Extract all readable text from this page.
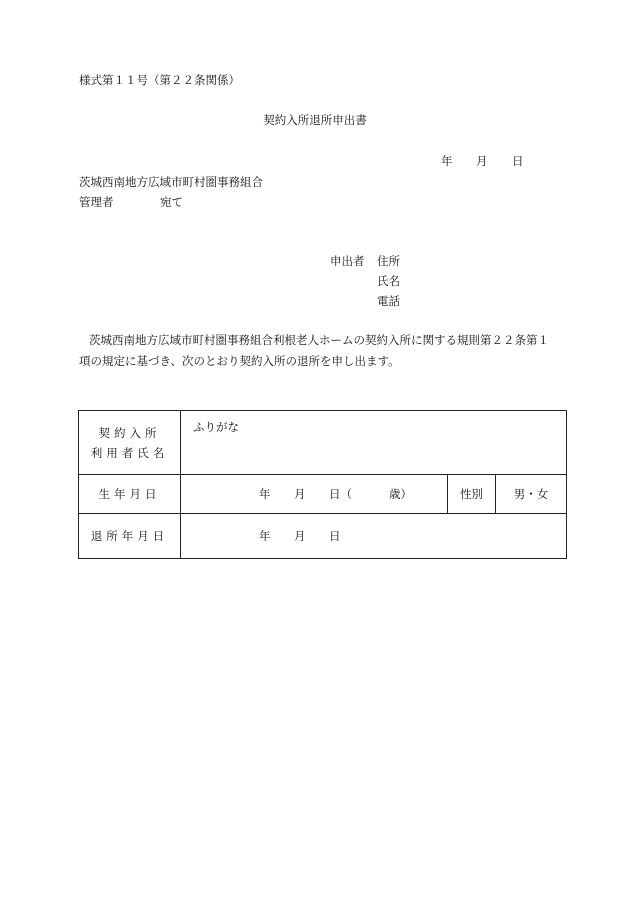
様式第１１号（第２２条関係）
契約入所退所申出書
年 月 日
茨城西南地方広域市町村圏事務組合
管理者	宛て
申出者 住所
氏名
電話
茨城西南地方広域市町村圏事務組合利根老人ホームの契約入所に関する規則第２２条第１項の規定に基づき、次のとおり契約入所の退所を申し出ます。
契約入所
利用者氏名	ふりがな		
生年月日	年 月 日（ 歳）	性別	男・女
退所年月日	年 月 日		
